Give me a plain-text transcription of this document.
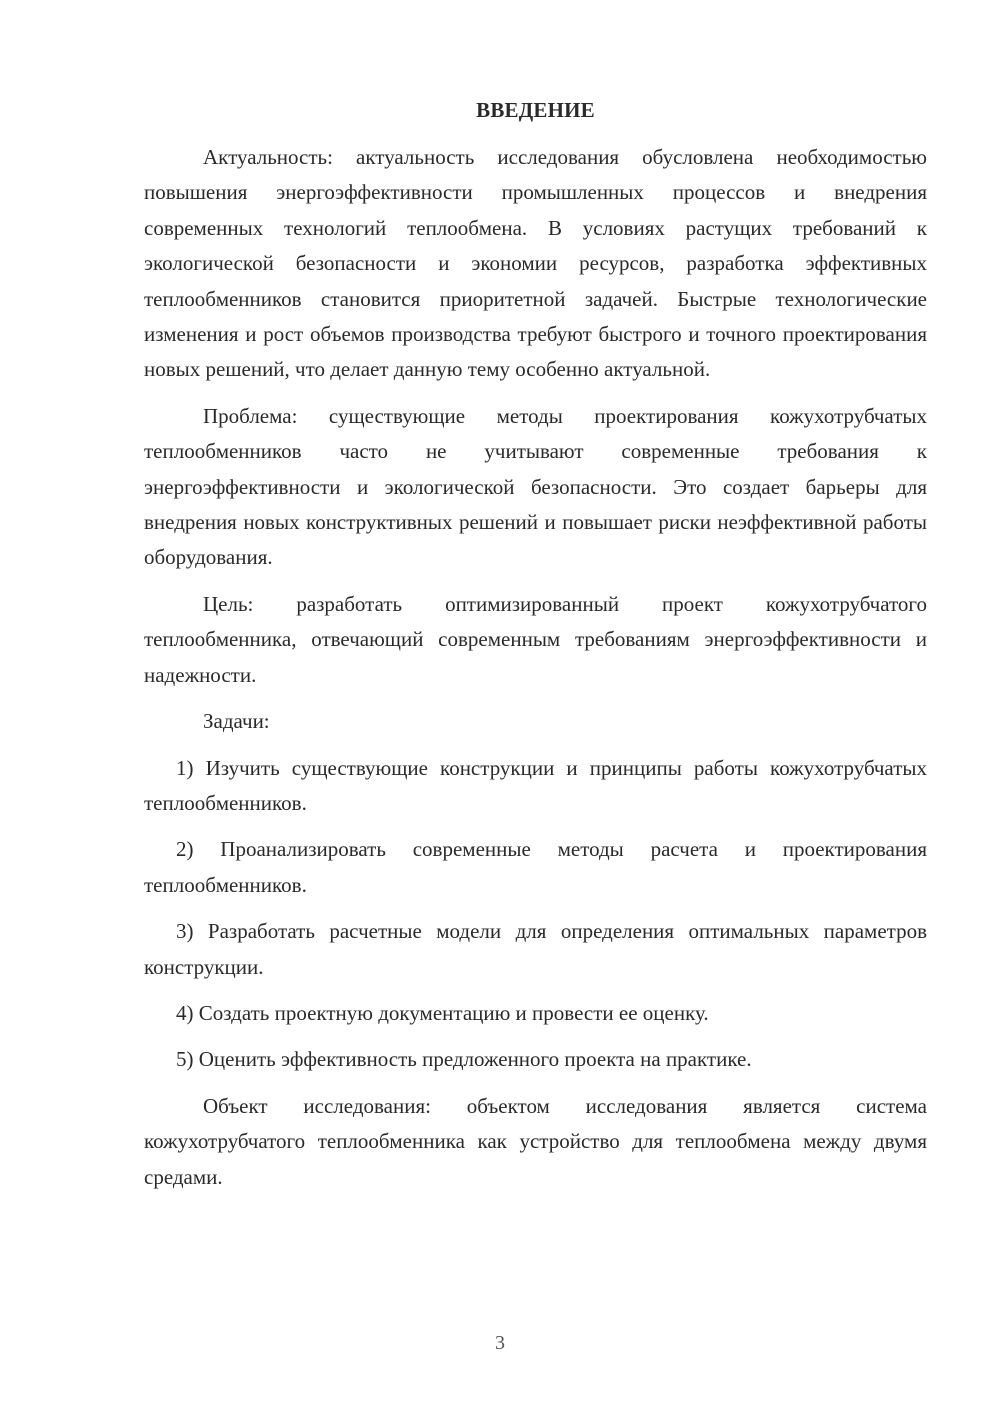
ВВЕДЕНИЕ

Актуальность: актуальность исследования обусловлена необходимостью повышения энергоэффективности промышленных процессов и внедрения современных технологий теплообмена. В условиях растущих требований к экологической безопасности и экономии ресурсов, разработка эффективных теплообменников становится приоритетной задачей. Быстрые технологические изменения и рост объемов производства требуют быстрого и точного проектирования новых решений, что делает данную тему особенно актуальной.

Проблема: существующие методы проектирования кожухотрубчатых теплообменников часто не учитывают современные требования к энергоэффективности и экологической безопасности. Это создает барьеры для внедрения новых конструктивных решений и повышает риски неэффективной работы оборудования.

Цель: разработать оптимизированный проект кожухотрубчатого теплообменника, отвечающий современным требованиям энергоэффективности и надежности.

Задачи:

1) Изучить существующие конструкции и принципы работы кожухотрубчатых теплообменников.

2) Проанализировать современные методы расчета и проектирования теплообменников.

3) Разработать расчетные модели для определения оптимальных параметров конструкции.

4) Создать проектную документацию и провести ее оценку.

5) Оценить эффективность предложенного проекта на практике.

Объект исследования: объектом исследования является система кожухотрубчатого теплообменника как устройство для теплообмена между двумя средами.

3
